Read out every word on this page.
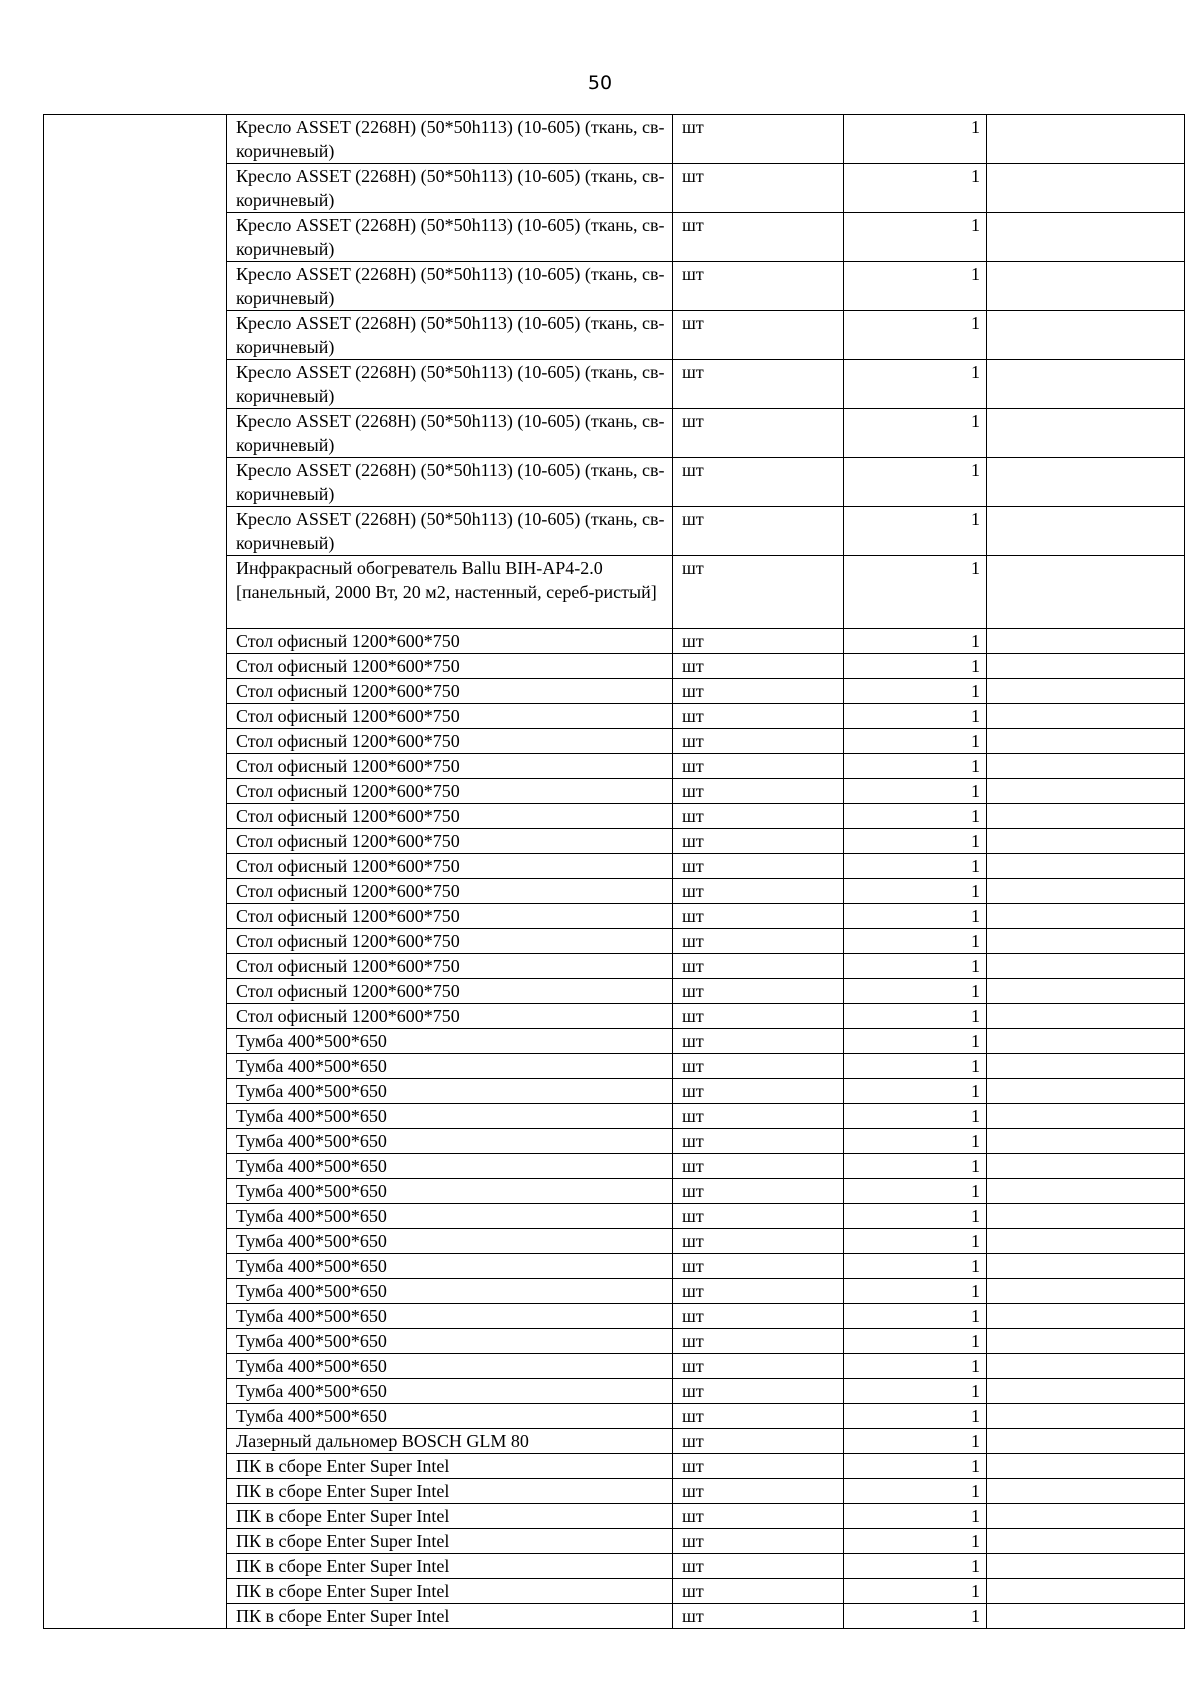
50
	Кресло ASSET (2268H) (50*50h113) (10-605) (ткань, св-коричневый)	шт	1	
	Кресло ASSET (2268H) (50*50h113) (10-605) (ткань, св-коричневый)	шт	1	
	Кресло ASSET (2268H) (50*50h113) (10-605) (ткань, св-коричневый)	шт	1	
	Кресло ASSET (2268H) (50*50h113) (10-605) (ткань, св-коричневый)	шт	1	
	Кресло ASSET (2268H) (50*50h113) (10-605) (ткань, св-коричневый)	шт	1	
	Кресло ASSET (2268H) (50*50h113) (10-605) (ткань, св-коричневый)	шт	1	
	Кресло ASSET (2268H) (50*50h113) (10-605) (ткань, св-коричневый)	шт	1	
	Кресло ASSET (2268H) (50*50h113) (10-605) (ткань, св-коричневый)	шт	1	
	Кресло ASSET (2268H) (50*50h113) (10-605) (ткань, св-коричневый)	шт	1	
	Инфракрасный обогреватель Ballu BIH-AP4-2.0 [панельный, 2000 Вт, 20 м2, настенный, сереб-ристый]	шт	1	
	Стол офисный 1200*600*750	шт	1	
	Стол офисный 1200*600*750	шт	1	
	Стол офисный 1200*600*750	шт	1	
	Стол офисный 1200*600*750	шт	1	
	Стол офисный 1200*600*750	шт	1	
	Стол офисный 1200*600*750	шт	1	
	Стол офисный 1200*600*750	шт	1	
	Стол офисный 1200*600*750	шт	1	
	Стол офисный 1200*600*750	шт	1	
	Стол офисный 1200*600*750	шт	1	
	Стол офисный 1200*600*750	шт	1	
	Стол офисный 1200*600*750	шт	1	
	Стол офисный 1200*600*750	шт	1	
	Стол офисный 1200*600*750	шт	1	
	Стол офисный 1200*600*750	шт	1	
	Стол офисный 1200*600*750	шт	1	
	Тумба 400*500*650	шт	1	
	Тумба 400*500*650	шт	1	
	Тумба 400*500*650	шт	1	
	Тумба 400*500*650	шт	1	
	Тумба 400*500*650	шт	1	
	Тумба 400*500*650	шт	1	
	Тумба 400*500*650	шт	1	
	Тумба 400*500*650	шт	1	
	Тумба 400*500*650	шт	1	
	Тумба 400*500*650	шт	1	
	Тумба 400*500*650	шт	1	
	Тумба 400*500*650	шт	1	
	Тумба 400*500*650	шт	1	
	Тумба 400*500*650	шт	1	
	Тумба 400*500*650	шт	1	
	Тумба 400*500*650	шт	1	
	Лазерный дальномер BOSCH GLM 80	шт	1	
	ПК в сборе Enter Super Intel	шт	1	
	ПК в сборе Enter Super Intel	шт	1	
	ПК в сборе Enter Super Intel	шт	1	
	ПК в сборе Enter Super Intel	шт	1	
	ПК в сборе Enter Super Intel	шт	1	
	ПК в сборе Enter Super Intel	шт	1	
	ПК в сборе Enter Super Intel	шт	1	
